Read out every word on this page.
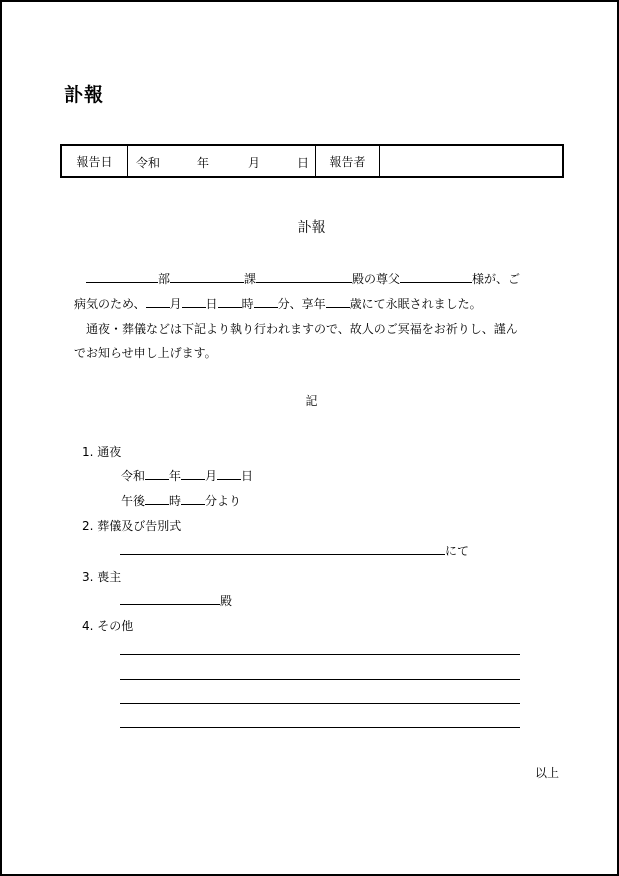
訃報
報告日	令和	年	月	日	報告者
訃報
部	課	殿の尊父	様が、ご
病気のため、 月 日 時 分、享年 歳にて永眠されました。
　通夜・葬儀などは下記より執り行われますので、故人のご冥福をお祈りし、謹ん
でお知らせ申し上げます。
記
1. 通夜
令和 年 月 日
午後 時 分より
2. 葬儀及び告別式
にて
3. 喪主
殿
4. その他
以上
